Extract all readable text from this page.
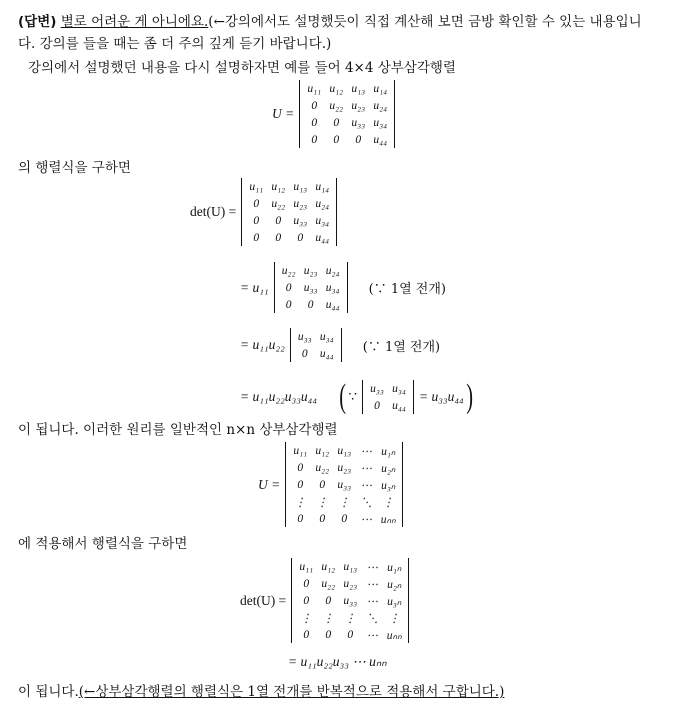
(답변) 별로 어려운 게 아니에요.(←강의에서도 설명했듯이 직접 계산해 보면 금방 확인할 수 있는 내용입니
다. 강의를 들을 때는 좀 더 주의 깊게 듣기 바랍니다.)
강의에서 설명했던 내용을 다시 설명하자면 예를 들어 4×4 상부삼각행렬
U =
u₁₁	u₁₂	u₁₃	u₁₄
0	u₂₂	u₂₃	u₂₄
0	0	u₃₃	u₃₄
0	0	0	u₄₄
의 행렬식을 구하면
det(U) =
u₁₁	u₁₂	u₁₃	u₁₄
0	u₂₂	u₂₃	u₂₄
0	0	u₃₃	u₃₄
0	0	0	u₄₄
= u₁₁
u₂₂	u₂₃	u₂₄
0	u₃₃	u₃₄
0	0	u₄₄
(∵ 1열 전개)
= u₁₁u₂₂
u₃₃	u₃₄
0	u₄₄ (∵ 1열 전개)
= u₁₁u₂₂u₃₃u₄₄ ( ∵
u₃₃	u₃₄
0	u₄₄
= u₃₃u₄₄ )
이 됩니다. 이러한 원리를 일반적인 n×n 상부삼각행렬
U =
u₁₁	u₁₂	u₁₃	⋯	u₁ₙ
0	u₂₂	u₂₃	⋯	u₂ₙ
0	0	u₃₃	⋯	u₃ₙ
⋮	⋮	⋮	⋱	⋮
0	0	0	⋯	uₙₙ
에 적용해서 행렬식을 구하면
det(U) =
u₁₁	u₁₂	u₁₃	⋯	u₁ₙ
0	u₂₂	u₂₃	⋯	u₂ₙ
0	0	u₃₃	⋯	u₃ₙ
⋮	⋮	⋮	⋱	⋮
0	0	0	⋯	uₙₙ
= u₁₁u₂₂u₃₃ ⋯ uₙₙ
이 됩니다.(←상부삼각행렬의 행렬식은 1열 전개를 반복적으로 적용해서 구합니다.)
